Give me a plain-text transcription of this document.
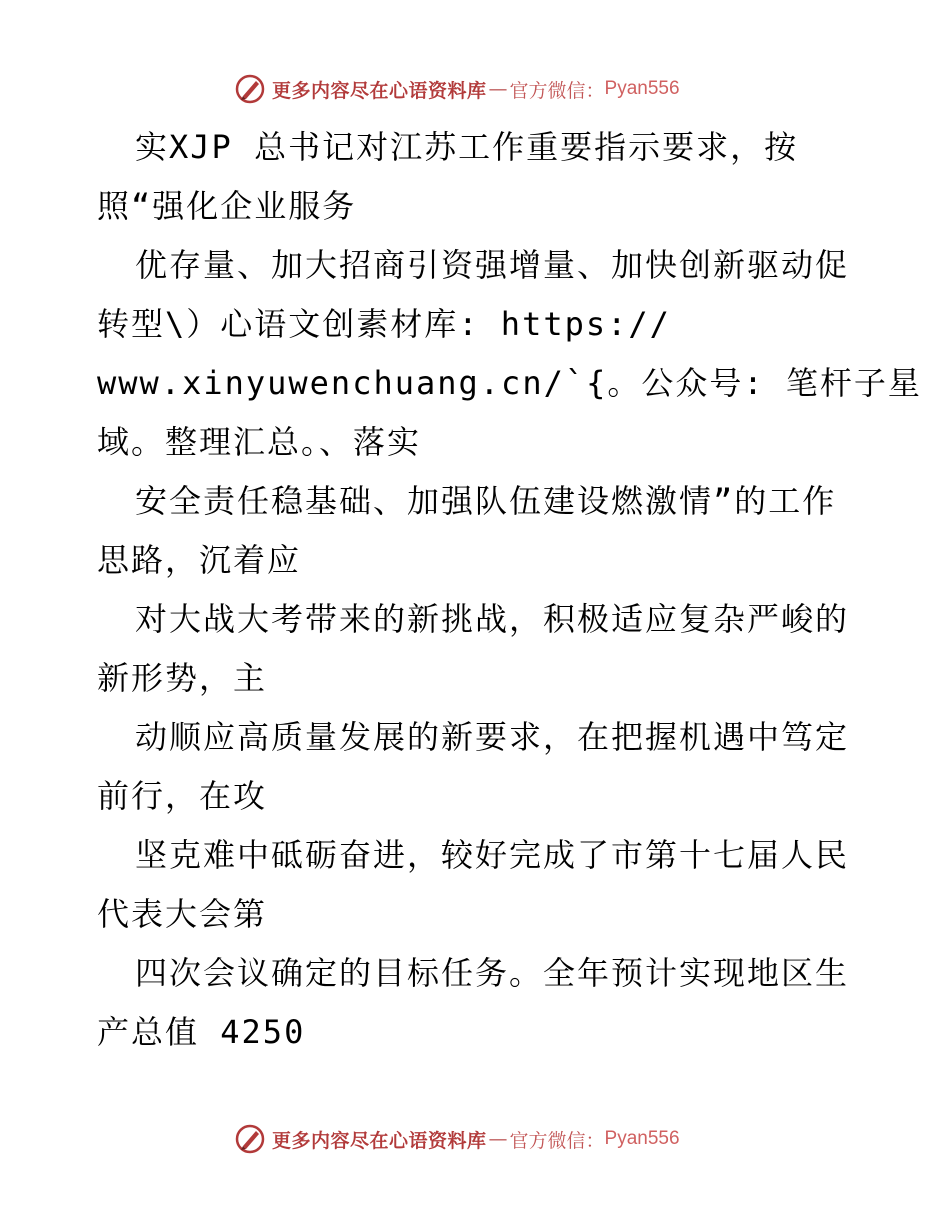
更多内容尽在心语资料库 — 官方微信： Pyan556
实XJP 总书记对江苏工作重要指示要求，按
照“强化企业服务
优存量、加大招商引资强增量、加快创新驱动促
转型\）心语文创素材库: https://
www.xinyuwenchuang.cn/`{。公众号: 笔杆子星
域。整理汇总。、落实
安全责任稳基础、加强队伍建设燃激情”的工作
思路，沉着应
对大战大考带来的新挑战，积极适应复杂严峻的
新形势，主
动顺应高质量发展的新要求，在把握机遇中笃定
前行，在攻
坚克难中砥砺奋进，较好完成了市第十七届人民
代表大会第
四次会议确定的目标任务。全年预计实现地区生
产总值 4250
更多内容尽在心语资料库 — 官方微信： Pyan556
